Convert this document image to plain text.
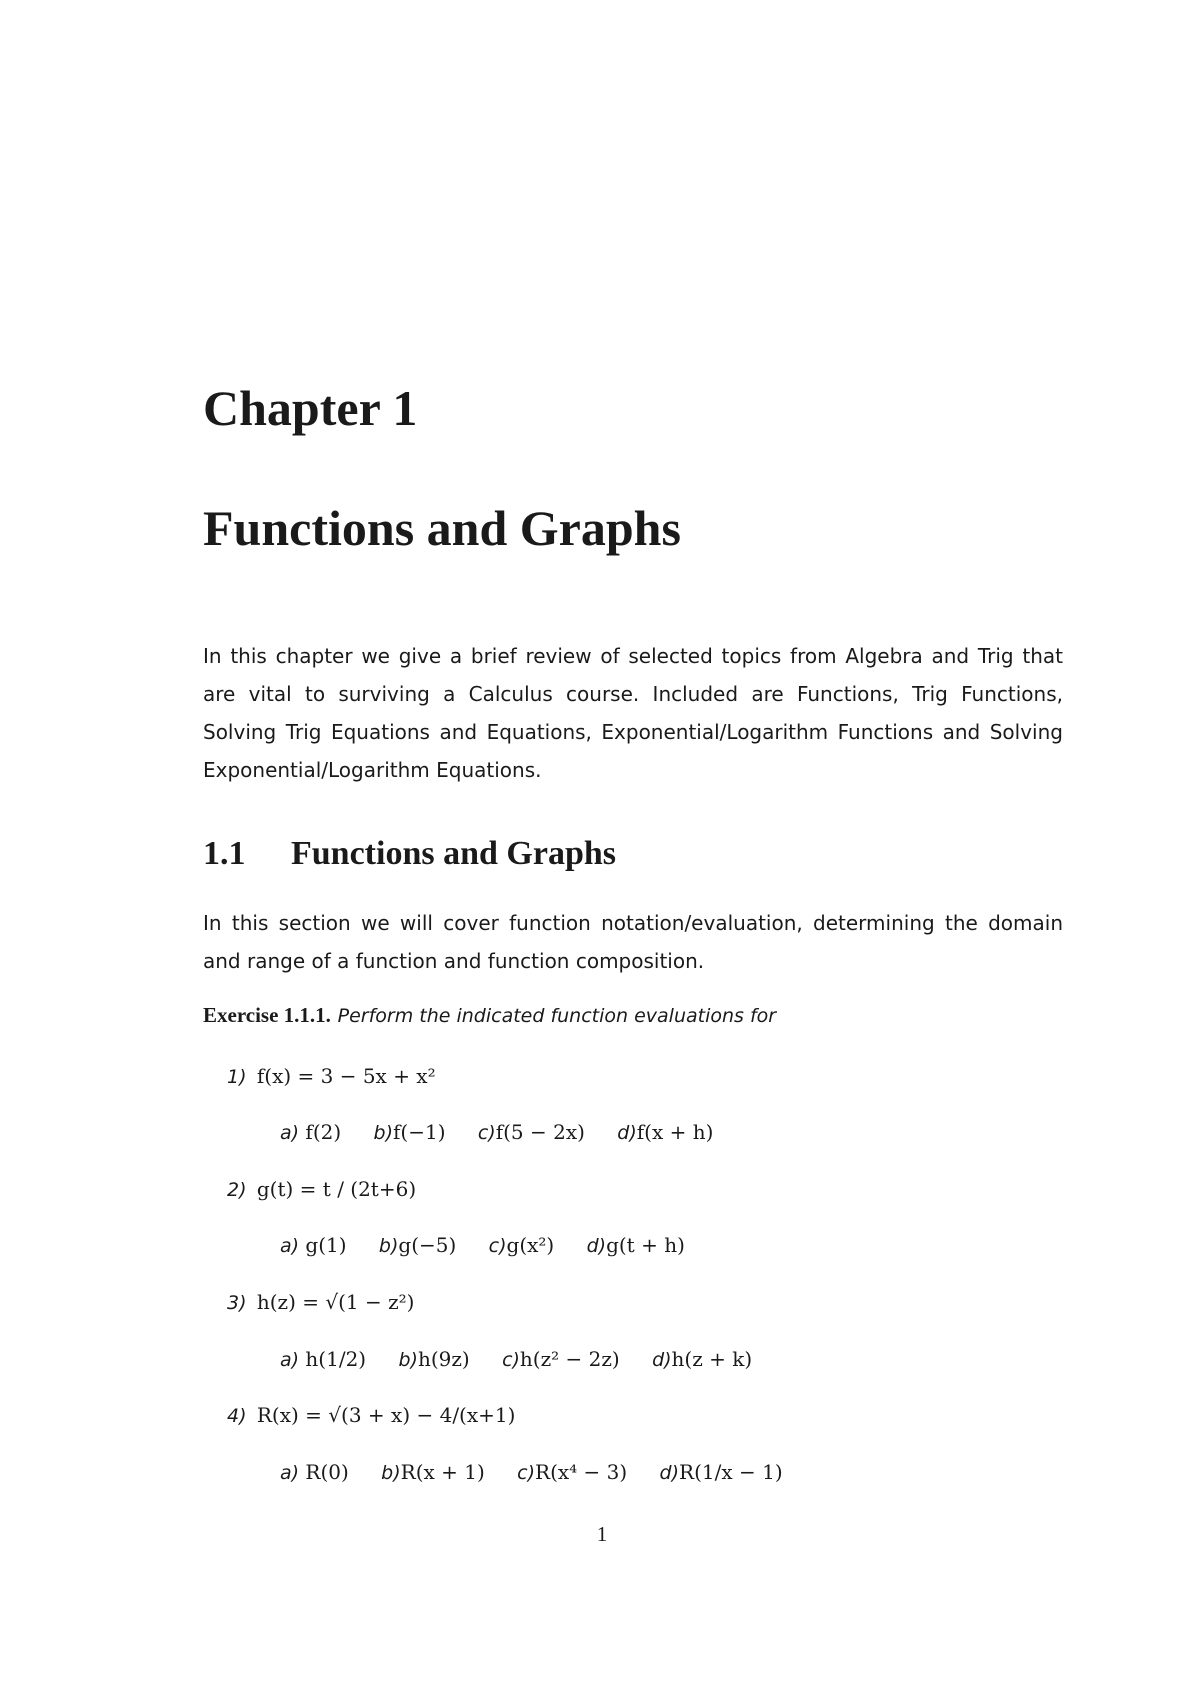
Chapter 1
Functions and Graphs

In this chapter we give a brief review of selected topics from Algebra and Trig that are vital to surviving a Calculus course. Included are Functions, Trig Functions, Solving Trig Equations and Equations, Exponential/Logarithm Functions and Solving Exponential/Logarithm Equations.

1.1 Functions and Graphs

In this section we will cover function notation/evaluation, determining the domain and range of a function and function composition.

Exercise 1.1.1. Perform the indicated function evaluations for
1) f(x) = 3 − 5x + x²
a) f(2) b)f(−1) c)f(5 − 2x) d)f(x + h)
2) g(t) = t / (2t+6)
a) g(1) b)g(−5) c)g(x²) d)g(t + h)
3) h(z) = √(1 − z²)
a) h(1/2) b)h(9z) c)h(z² − 2z) d)h(z + k)
4) R(x) = √(3 + x) − 4/(x+1)
a) R(0) b)R(x + 1) c)R(x⁴ − 3) d)R(1/x − 1)
1
